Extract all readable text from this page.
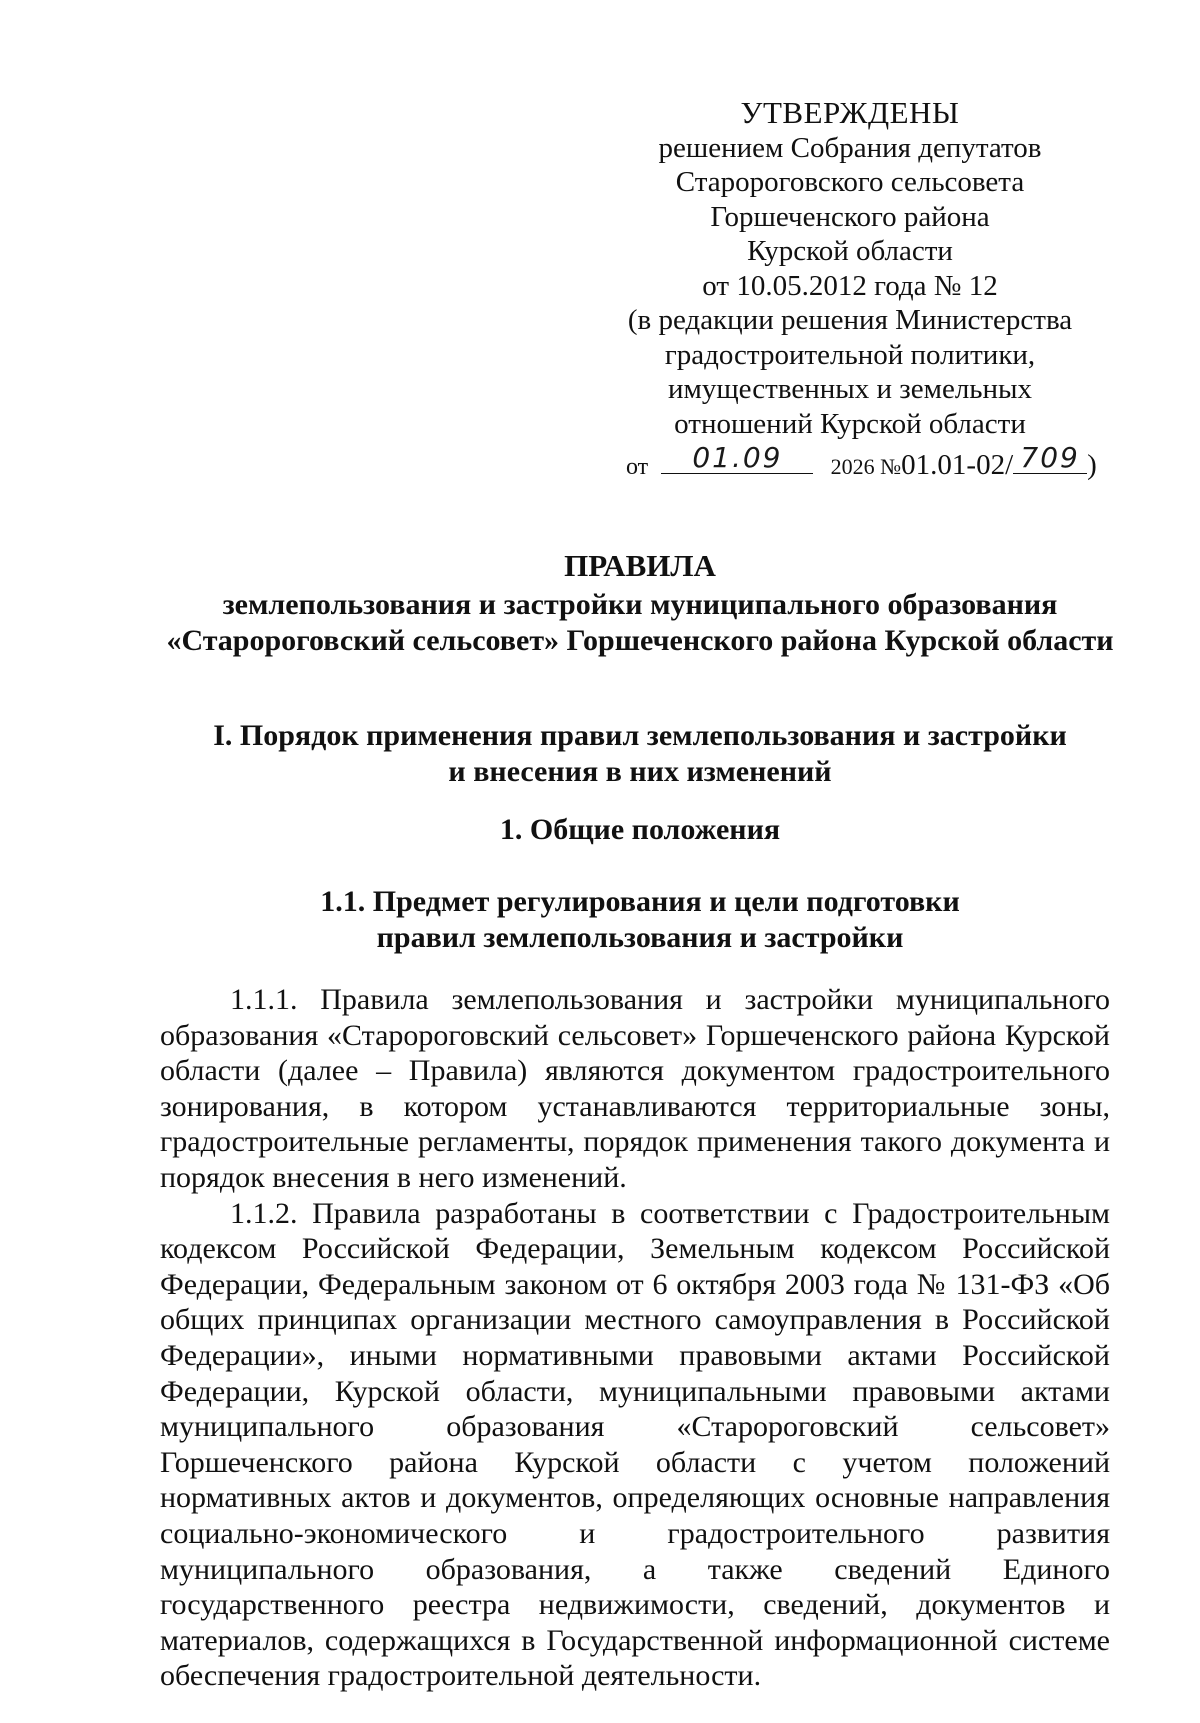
УТВЕРЖДЕНЫ
решением Собрания депутатов
Старороговского сельсовета
Горшеченского района
Курской области
от 10.05.2012 года № 12
(в редакции решения Министерства
градостроительной политики,
имущественных и земельных
отношений Курской области
от	01.09	2026 №01.01-02/ 709 )
ПРАВИЛА
землепользования и застройки муниципального образования
«Старороговский сельсовет» Горшеченского района Курской области
I. Порядок применения правил землепользования и застройки
и внесения в них изменений
1. Общие положения
1.1. Предмет регулирования и цели подготовки
правил землепользования и застройки

1.1.1. Правила землепользования и застройки муниципального образования «Старороговский сельсовет» Горшеченского района Курской области (далее – Правила) являются документом градостроительного зонирования, в котором устанавливаются территориальные зоны, градостроительные регламенты, порядок применения такого документа и порядок внесения в него изменений.

1.1.2. Правила разработаны в соответствии с Градостроительным кодексом Российской Федерации, Земельным кодексом Российской Федерации, Федеральным законом от 6 октября 2003 года № 131-ФЗ «Об общих принципах организации местного самоуправления в Российской Федерации», иными нормативными правовыми актами Российской Федерации, Курской области, муниципальными правовыми актами муниципального образования «Старороговский сельсовет» Горшеченского района Курской области с учетом положений нормативных актов и документов, определяющих основные направления социально-экономического и градостроительного развития муниципального образования, а также сведений Единого государственного реестра недвижимости, сведений, документов и материалов, содержащихся в Государственной информационной системе обеспечения градостроительной деятельности.
